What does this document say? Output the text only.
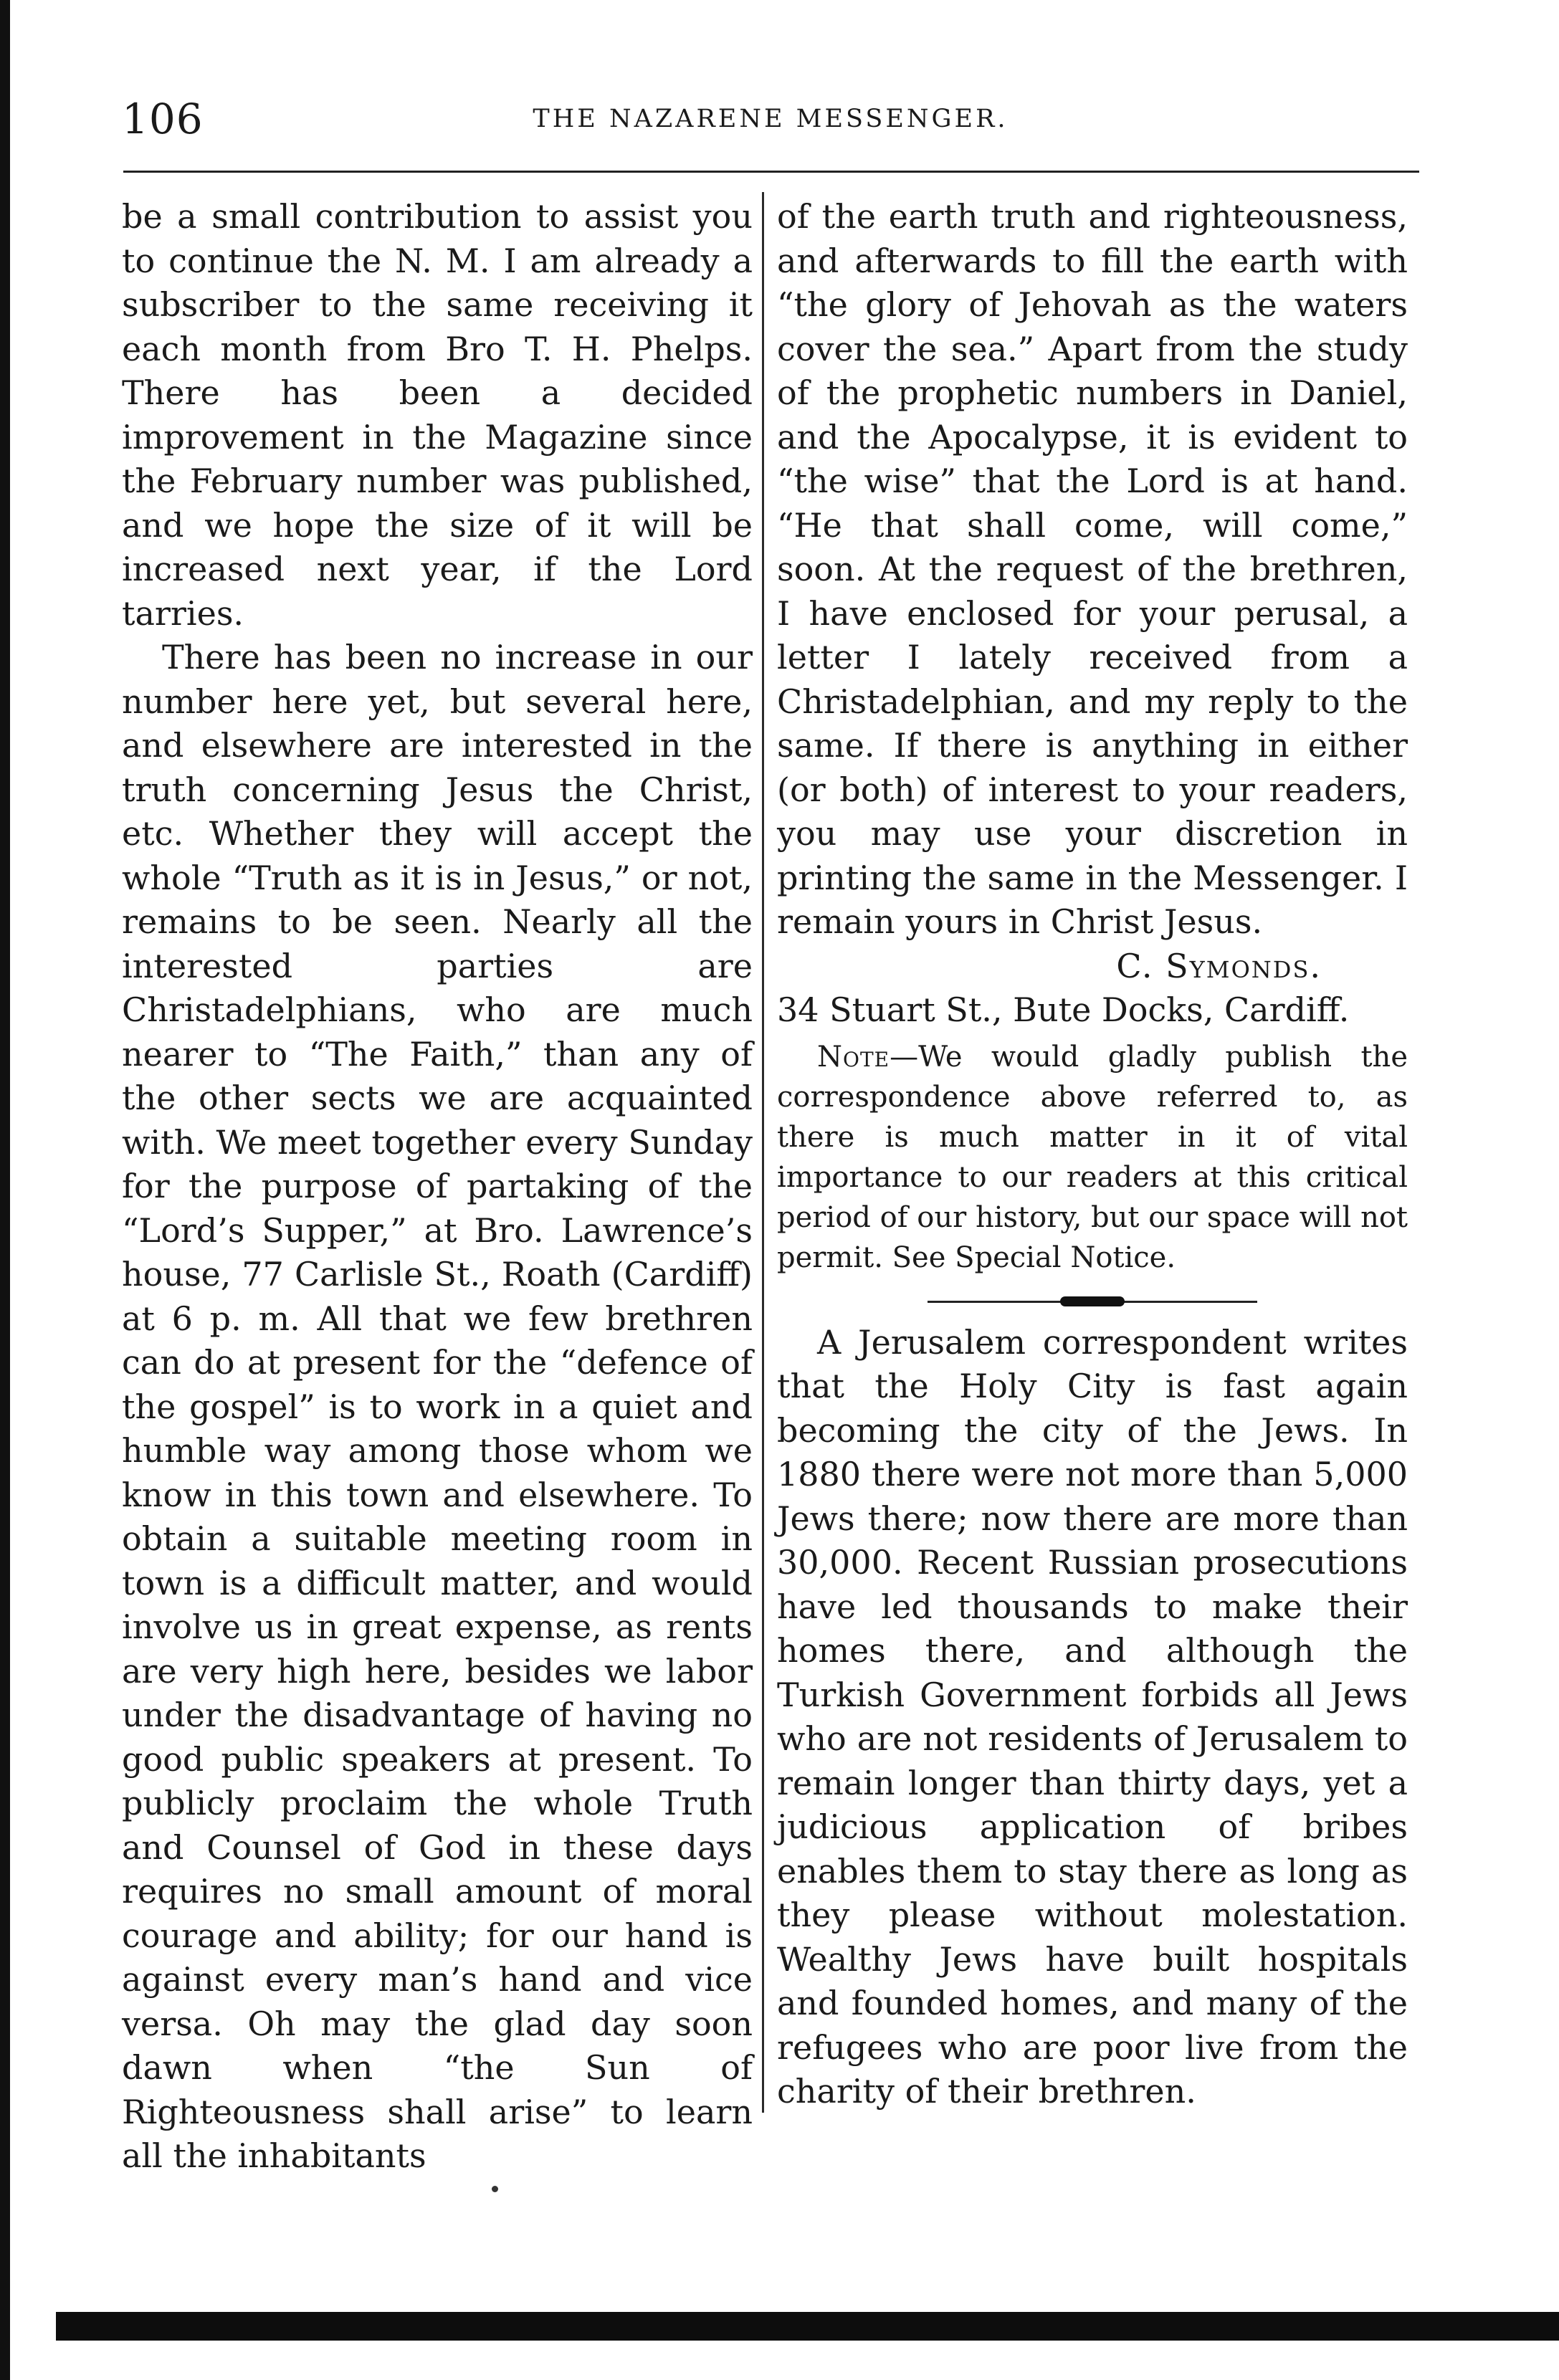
106	THE NAZARENE MESSENGER.

be a small contribution to assist you to continue the N. M. I am already a subscriber to the same receiving it each month from Bro T. H. Phelps. There has been a decided improvement in the Magazine since the February number was published, and we hope the size of it will be increased next year, if the Lord tarries.

There has been no increase in our number here yet, but several here, and elsewhere are interested in the truth concerning Jesus the Christ, etc. Whether they will accept the whole “Truth as it is in Jesus,” or not, remains to be seen. Nearly all the interested parties are Christadelphians, who are much nearer to “The Faith,” than any of the other sects we are acquainted with. We meet together every Sunday for the purpose of partaking of the “Lord’s Supper,” at Bro. Lawrence’s house, 77 Carlisle St., Roath (Cardiff) at 6 p. m. All that we few brethren can do at present for the “defence of the gospel” is to work in a quiet and humble way among those whom we know in this town and elsewhere. To obtain a suitable meeting room in town is a difficult matter, and would involve us in great expense, as rents are very high here, besides we labor under the disadvantage of having no good public speakers at present. To publicly proclaim the whole Truth and Counsel of God in these days requires no small amount of moral courage and ability; for our hand is against every man’s hand and vice versa. Oh may the glad day soon dawn when “the Sun of Righteousness shall arise” to learn all the inhabitants

of the earth truth and righteousness, and afterwards to fill the earth with “the glory of Jehovah as the waters cover the sea.” Apart from the study of the prophetic numbers in Daniel, and the Apocalypse, it is evident to “the wise” that the Lord is at hand. “He that shall come, will come,” soon. At the request of the brethren, I have enclosed for your perusal, a letter I lately received from a Christadelphian, and my reply to the same. If there is anything in either (or both) of interest to your readers, you may use your discretion in printing the same in the Messenger. I remain yours in Christ Jesus.

C. Symonds.

34 Stuart St., Bute Docks, Cardiff.

Note—We would gladly publish the correspondence above referred to, as there is much matter in it of vital importance to our readers at this critical period of our history, but our space will not permit. See Special Notice.

A Jerusalem correspondent writes that the Holy City is fast again becoming the city of the Jews. In 1880 there were not more than 5,000 Jews there; now there are more than 30,000. Recent Russian prosecutions have led thousands to make their homes there, and although the Turkish Government forbids all Jews who are not residents of Jerusalem to remain longer than thirty days, yet a judicious application of bribes enables them to stay there as long as they please without molestation. Wealthy Jews have built hospitals and founded homes, and many of the refugees who are poor live from the charity of their brethren.
